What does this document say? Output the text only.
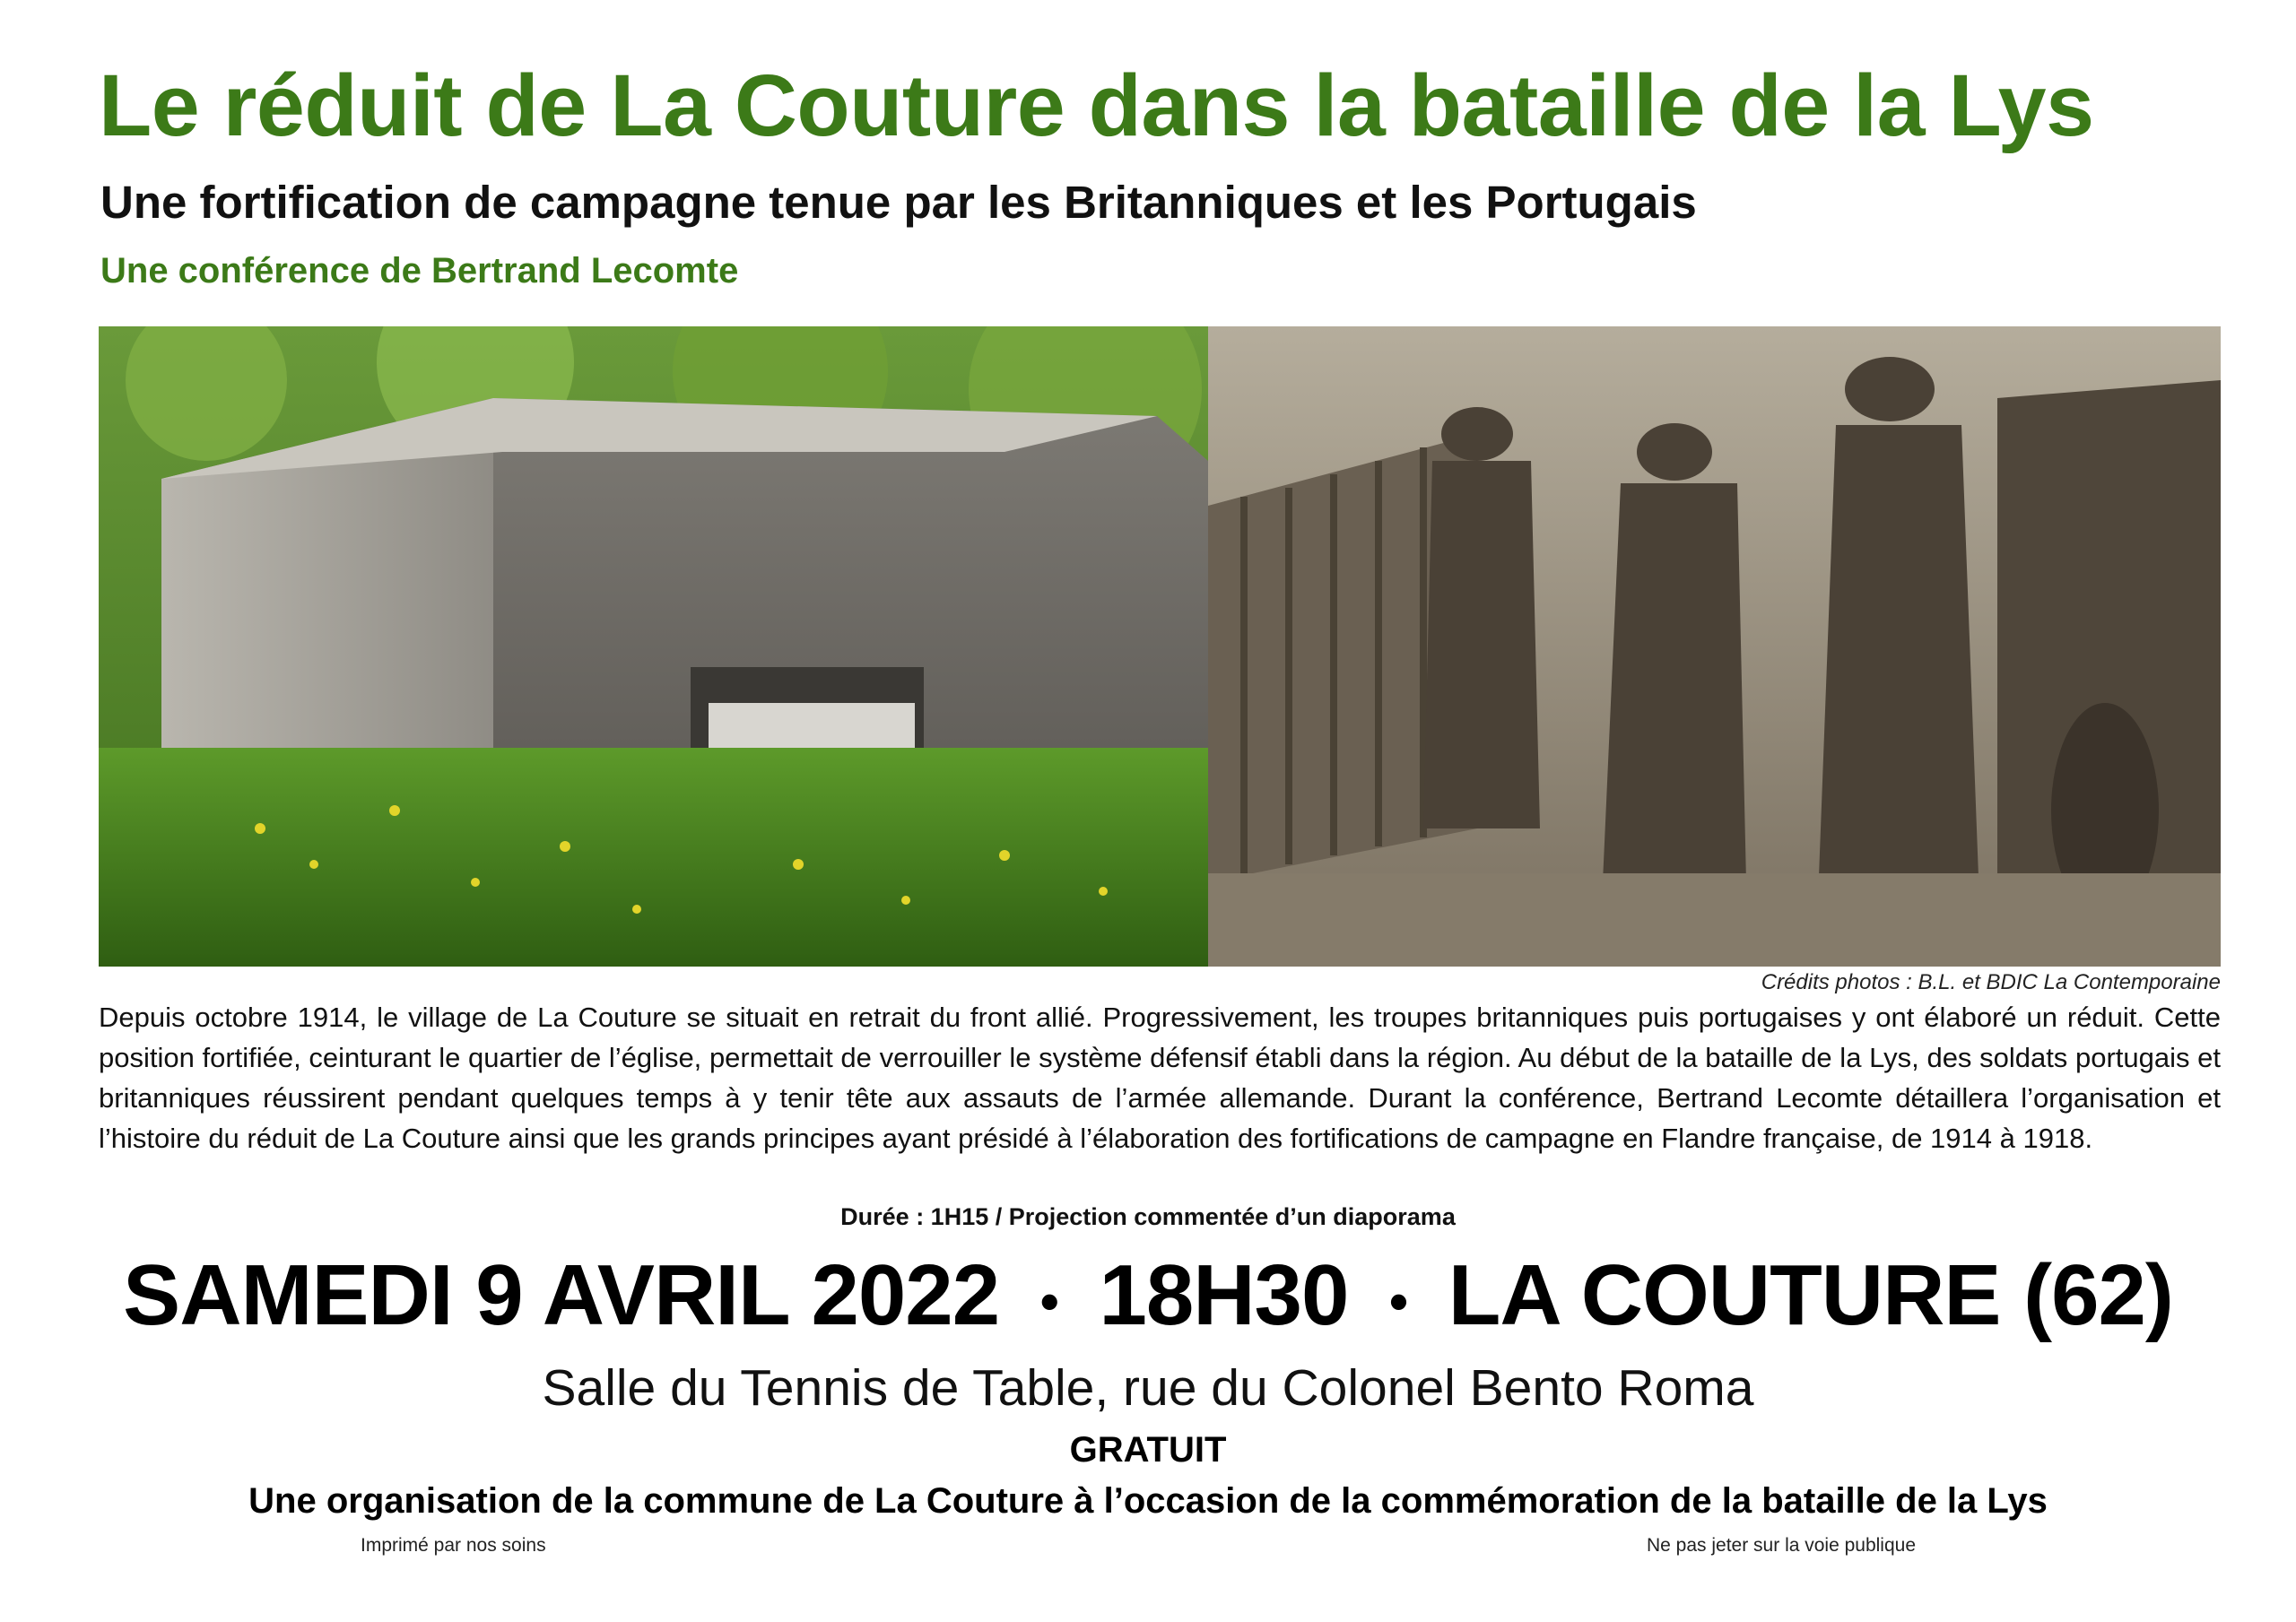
Le réduit de La Couture dans la bataille de la Lys
Une fortification de campagne tenue par les Britanniques et les Portugais
Une conférence de Bertrand Lecomte
Crédits photos : B.L. et BDIC La Contemporaine

Depuis octobre 1914, le village de La Couture se situait en retrait du front allié. Progressivement, les troupes britanniques puis portugaises y ont élaboré un réduit. Cette position fortifiée, ceinturant le quartier de l’église, permettait de verrouiller le système défensif établi dans la région. Au début de la bataille de la Lys, des soldats portugais et britanniques réussirent pendant quelques temps à y tenir tête aux assauts de l’armée allemande. Durant la conférence, Bertrand Lecomte détaillera l’organisation et l’histoire du réduit de La Couture ainsi que les grands principes ayant présidé à l’élaboration des fortifications de campagne en Flandre française, de 1914 à 1918.

Durée : 1H15 / Projection commentée d’un diaporama
SAMEDI 9 AVRIL 2022 • 18H30 • LA COUTURE (62)
Salle du Tennis de Table, rue du Colonel Bento Roma
GRATUIT
Une organisation de la commune de La Couture à l’occasion de la commémoration de la bataille de la Lys
Imprimé par nos soins	Ne pas jeter sur la voie publique
